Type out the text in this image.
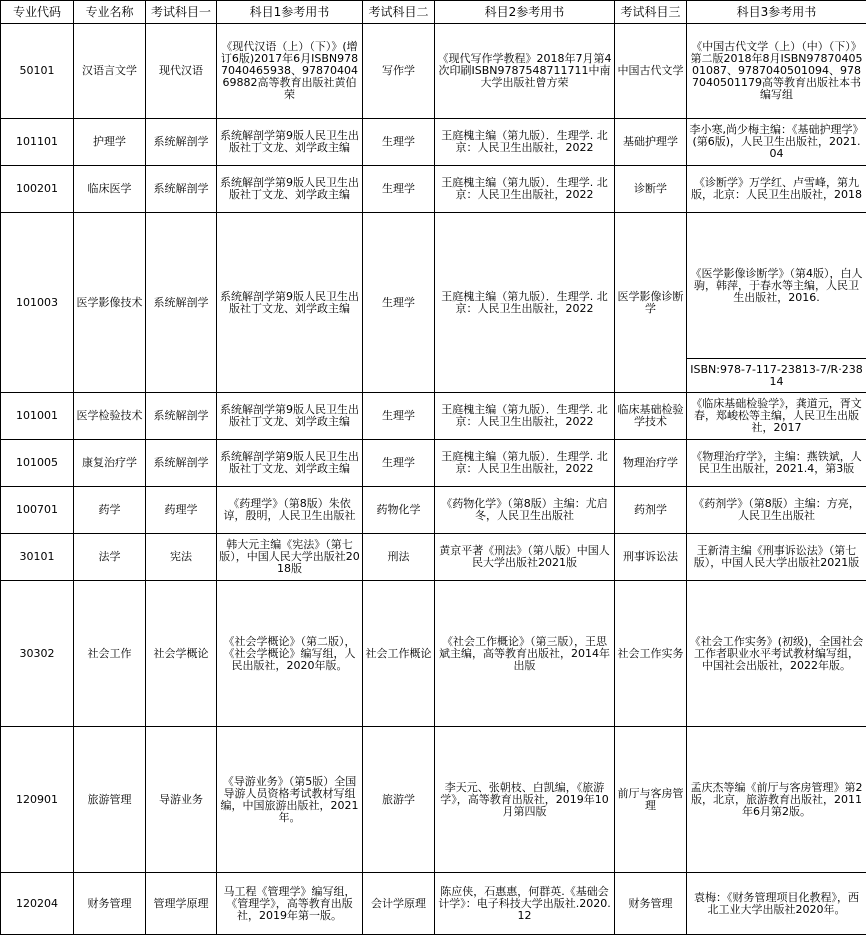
专业代码	专业名称	考试科目一	科目1参考用书	考试科目二	科目2参考用书	考试科目三	科目3参考用书
50101	汉语言文学	现代汉语	《现代汉语（上）（下）》(增订6版)2017年6月ISBN9787040465938、9787040469882高等教育出版社黄伯荣	写作学	《现代写作学教程》2018年7月第4次印刷ISBN9787548711711中南大学出版社曾方荣	中国古代文学	《中国古代文学（上）（中）（下）》第二版2018年8月ISBN9787040501087、9787040501094、9787040501179高等教育出版社本书编写组
101101	护理学	系统解剖学	系统解剖学第9版人民卫生出版社丁文龙、刘学政主编	生理学	王庭槐主编（第九版）．生理学. 北京：人民卫生出版社，2022	基础护理学	李小寒,尚少梅主编：《基础护理学》(第6版)，人民卫生出版社，2021.04
100201	临床医学	系统解剖学	系统解剖学第9版人民卫生出版社丁文龙、刘学政主编	生理学	王庭槐主编（第九版）．生理学. 北京：人民卫生出版社，2022	诊断学	《诊断学》万学红、卢雪峰，第九版，北京：人民卫生出版社，2018
101003	医学影像技术	系统解剖学	系统解剖学第9版人民卫生出版社丁文龙、刘学政主编	生理学	王庭槐主编（第九版）．生理学. 北京：人民卫生出版社，2022	医学影像诊断学	《医学影像诊断学》（第4版），白人驹，韩萍，于春水等主编，人民卫生出版社，2016.
							ISBN:978-7-117-23813-7/R·23814
101001	医学检验技术	系统解剖学	系统解剖学第9版人民卫生出版社丁文龙、刘学政主编	生理学	王庭槐主编（第九版）．生理学. 北京：人民卫生出版社，2022	临床基础检验学技术	《临床基础检验学》，龚道元，胥文春，郑峻松等主编，人民卫生出版社，2017
101005	康复治疗学	系统解剖学	系统解剖学第9版人民卫生出版社丁文龙、刘学政主编	生理学	王庭槐主编（第九版）．生理学. 北京：人民卫生出版社，2022	物理治疗学	《物理治疗学》，主编：燕铁斌，人民卫生出版社，2021.4，第3版
100701	药学	药理学	《药理学》（第8版）朱依谆，殷明，人民卫生出版社	药物化学	《药物化学》（第8版）主编：尤启冬，人民卫生出版社	药剂学	《药剂学》（第8版）主编：方亮，人民卫生出版社
30101	法学	宪法	韩大元主编《宪法》（第七版），中国人民大学出版社2018版	刑法	黄京平著《刑法》（第八版）中国人民大学出版社2021版	刑事诉讼法	王新清主编《刑事诉讼法》（第七版），中国人民大学出版社2021版
30302	社会工作	社会学概论	《社会学概论》（第二版），《社会学概论》编写组，人民出版社，2020年版。	社会工作概论	《社会工作概论》（第三版），王思斌主编，高等教育出版社，2014年出版	社会工作实务	《社会工作实务》(初级)，全国社会工作者职业水平考试教材编写组，中国社会出版社，2022年版。
120901	旅游管理	导游业务	《导游业务》（第5版）全国导游人员资格考试教材写组编，中国旅游出版社，2021年。	旅游学	李天元、张朝枝、白凯编，《旅游学》，高等教育出版社，2019年10月第四版	前厅与客房管理	孟庆杰等编《前厅与客房管理》第2版，北京，旅游教育出版社，2011年6月第2版。
120204	财务管理	管理学原理	马工程《管理学》编写组，《管理学》，高等教育出版社，2019年第一版。	会计学原理	陈应侠，石惠惠，何群英.《基础会计学》：电子科技大学出版社.2020.12	财务管理	袁梅：《财务管理项目化教程》，西北工业大学出版社2020年。
